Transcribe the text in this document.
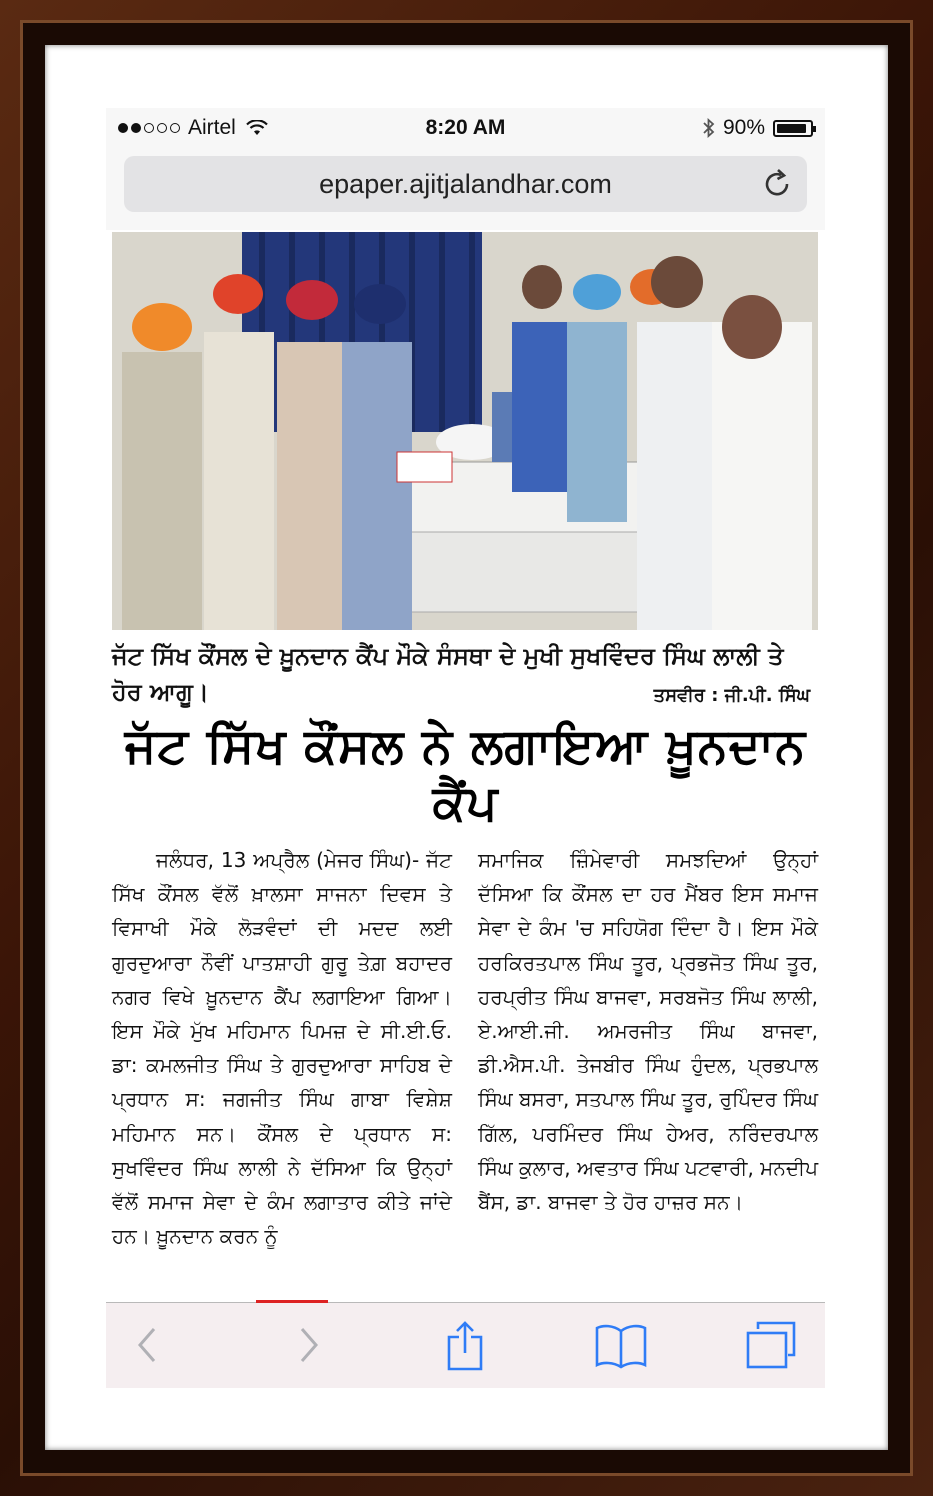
Airtel	8:20 AM	90%
epaper.ajitjalandhar.com
ਜੱਟ ਸਿੱਖ ਕੌਂਸਲ ਦੇ ਖ਼ੂਨਦਾਨ ਕੈਂਪ ਮੌਕੇ ਸੰਸਥਾ ਦੇ ਮੁਖੀ ਸੁਖਵਿੰਦਰ ਸਿੰਘ ਲਾਲੀ ਤੇ ਹੋਰ ਆਗੂ।	ਤਸਵੀਰ : ਜੀ.ਪੀ. ਸਿੰਘ
ਜੱਟ ਸਿੱਖ ਕੌਂਸਲ ਨੇ ਲਗਾਇਆ ਖ਼ੂਨਦਾਨ ਕੈਂਪ
ਜਲੰਧਰ, 13 ਅਪ੍ਰੈਲ (ਮੇਜਰ ਸਿੰਘ)- ਜੱਟ ਸਿੱਖ ਕੌਂਸਲ ਵੱਲੋਂ ਖ਼ਾਲਸਾ ਸਾਜਨਾ ਦਿਵਸ ਤੇ ਵਿਸਾਖੀ ਮੌਕੇ ਲੋੜਵੰਦਾਂ ਦੀ ਮਦਦ ਲਈ ਗੁਰਦੁਆਰਾ ਨੌਵੀਂ ਪਾਤਸ਼ਾਹੀ ਗੁਰੂ ਤੇਗ਼ ਬਹਾਦਰ ਨਗਰ ਵਿਖੇ ਖ਼ੂਨਦਾਨ ਕੈਂਪ ਲਗਾਇਆ ਗਿਆ। ਇਸ ਮੌਕੇ ਮੁੱਖ ਮਹਿਮਾਨ ਪਿਮਜ਼ ਦੇ ਸੀ.ਈ.ਓ. ਡਾ: ਕਮਲਜੀਤ ਸਿੰਘ ਤੇ ਗੁਰਦੁਆਰਾ ਸਾਹਿਬ ਦੇ ਪ੍ਰਧਾਨ ਸ: ਜਗਜੀਤ ਸਿੰਘ ਗਾਬਾ ਵਿਸ਼ੇਸ਼ ਮਹਿਮਾਨ ਸਨ। ਕੌਂਸਲ ਦੇ ਪ੍ਰਧਾਨ ਸ: ਸੁਖਵਿੰਦਰ ਸਿੰਘ ਲਾਲੀ ਨੇ ਦੱਸਿਆ ਕਿ ਉਨ੍ਹਾਂ ਵੱਲੋਂ ਸਮਾਜ ਸੇਵਾ ਦੇ ਕੰਮ ਲਗਾਤਾਰ ਕੀਤੇ ਜਾਂਦੇ ਹਨ। ਖ਼ੂਨਦਾਨ ਕਰਨ ਨੂੰ
ਸਮਾਜਿਕ ਜ਼ਿੰਮੇਵਾਰੀ ਸਮਝਦਿਆਂ ਉਨ੍ਹਾਂ ਦੱਸਿਆ ਕਿ ਕੌਂਸਲ ਦਾ ਹਰ ਮੈਂਬਰ ਇਸ ਸਮਾਜ ਸੇਵਾ ਦੇ ਕੰਮ 'ਚ ਸਹਿਯੋਗ ਦਿੰਦਾ ਹੈ। ਇਸ ਮੌਕੇ ਹਰਕਿਰਤਪਾਲ ਸਿੰਘ ਤੂਰ, ਪ੍ਰਭਜੋਤ ਸਿੰਘ ਤੂਰ, ਹਰਪ੍ਰੀਤ ਸਿੰਘ ਬਾਜਵਾ, ਸਰਬਜੋਤ ਸਿੰਘ ਲਾਲੀ, ਏ.ਆਈ.ਜੀ. ਅਮਰਜੀਤ ਸਿੰਘ ਬਾਜਵਾ, ਡੀ.ਐਸ.ਪੀ. ਤੇਜਬੀਰ ਸਿੰਘ ਹੁੰਦਲ, ਪ੍ਰਭਪਾਲ ਸਿੰਘ ਬਸਰਾ, ਸਤਪਾਲ ਸਿੰਘ ਤੂਰ, ਰੁਪਿੰਦਰ ਸਿੰਘ ਗਿੱਲ, ਪਰਮਿੰਦਰ ਸਿੰਘ ਹੇਅਰ, ਨਰਿੰਦਰਪਾਲ ਸਿੰਘ ਕੁਲਾਰ, ਅਵਤਾਰ ਸਿੰਘ ਪਟਵਾਰੀ, ਮਨਦੀਪ ਬੈਂਸ, ਡਾ. ਬਾਜਵਾ ਤੇ ਹੋਰ ਹਾਜ਼ਰ ਸਨ।
